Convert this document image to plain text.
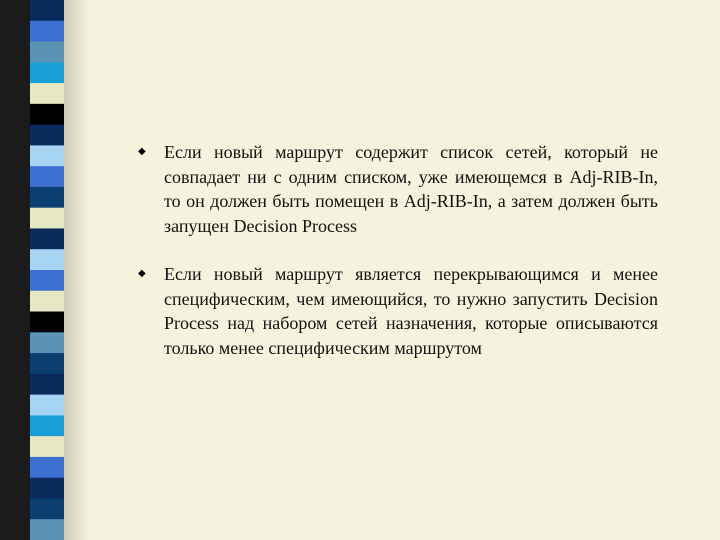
◆ Если новый маршрут содержит список сетей, который не совпадает ни с одним списком, уже имеющемся в Adj-RIB-In, то он должен быть помещен в Adj-RIB-In, а затем должен быть запущен Decision Process
◆ Если новый маршрут является перекрывающимся и менее специфическим, чем имеющийся, то нужно запустить Decision Process над набором сетей назначения, которые описываются только менее специфическим маршрутом
